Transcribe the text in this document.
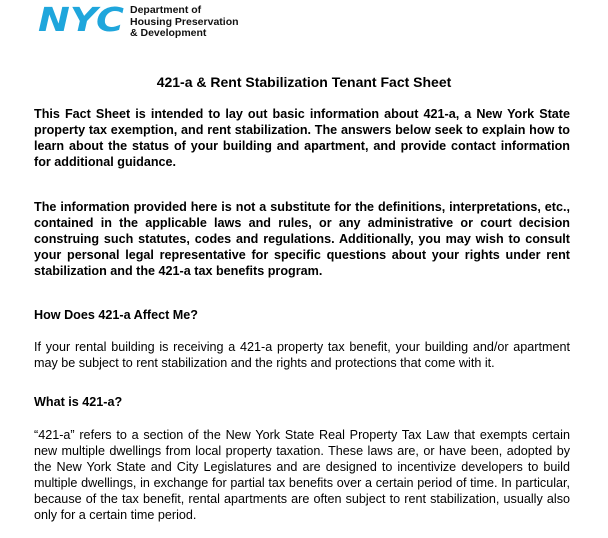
NYC Department of
Housing Preservation
& Development
421-a & Rent Stabilization Tenant Fact Sheet

This Fact Sheet is intended to lay out basic information about 421-a, a New York State property tax exemption, and rent stabilization. The answers below seek to explain how to learn about the status of your building and apartment, and provide contact information for additional guidance.

The information provided here is not a substitute for the definitions, interpretations, etc., contained in the applicable laws and rules, or any administrative or court decision construing such statutes, codes and regulations. Additionally, you may wish to consult your personal legal representative for specific questions about your rights under rent stabilization and the 421-a tax benefits program.

How Does 421-a Affect Me?

If your rental building is receiving a 421-a property tax benefit, your building and/or apartment may be subject to rent stabilization and the rights and protections that come with it.

What is 421-a?

“421-a” refers to a section of the New York State Real Property Tax Law that exempts certain new multiple dwellings from local property taxation. These laws are, or have been, adopted by the New York State and City Legislatures and are designed to incentivize developers to build multiple dwellings, in exchange for partial tax benefits over a certain period of time. In particular, because of the tax benefit, rental apartments are often subject to rent stabilization, usually also only for a certain time period.
